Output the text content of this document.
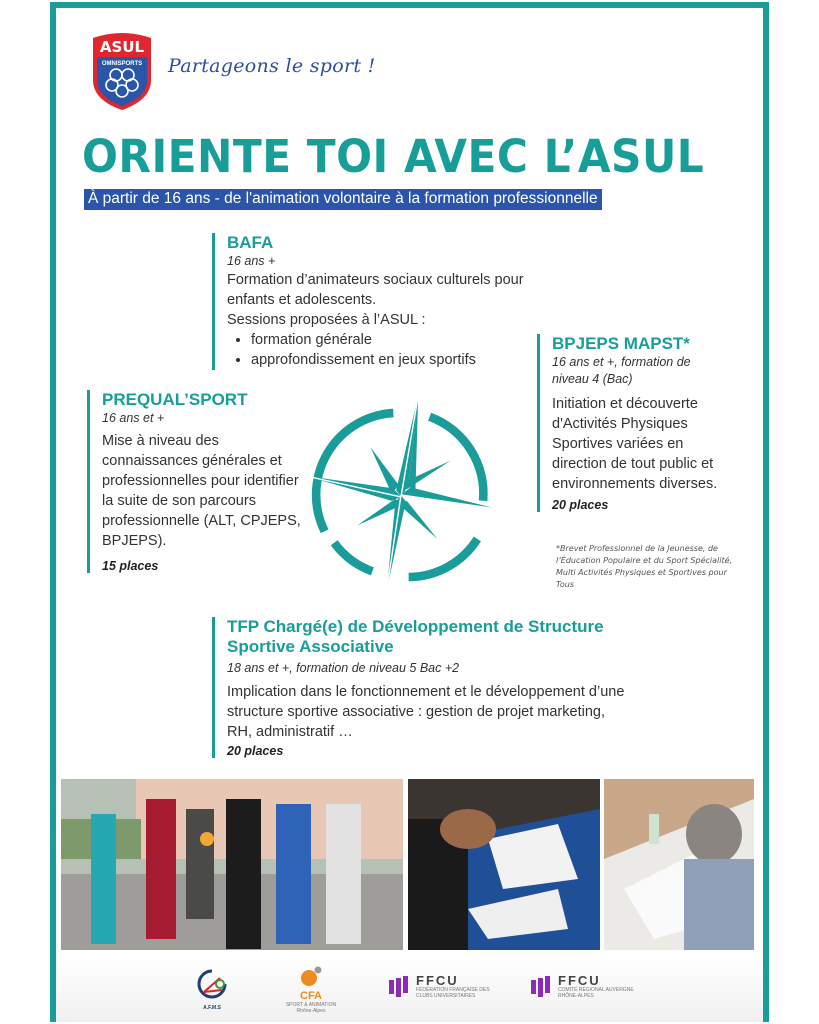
ASUL
OMNISPORTS Partageons le sport !
ORIENTE TOI AVEC L’ASUL
À partir de 16 ans - de l'animation volontaire à la formation professionnelle
BAFA
16 ans +
Formation d’animateurs sociaux culturels pour enfants et adolescents.
Sessions proposées à l’ASUL :
• formation générale
• approfondissement en jeux sportifs
PREQUAL’SPORT
16 ans et +
Mise à niveau des connaissances générales et professionnelles pour identifier la suite de son parcours professionnelle (ALT, CPJEPS, BPJEPS).
15 places
BPJEPS MAPST*
16 ans et +, formation de niveau 4 (Bac)
Initiation et découverte d'Activités Physiques Sportives variées en direction de tout public et environnements diverses.
20 places
*Brevet Professionnel de la Jeunesse, de l’Éducation Populaire et du Sport Spécialité, Multi Activités Physiques et Sportives pour Tous
TFP Chargé(e) de Développement de Structure Sportive Associative
18 ans et +, formation de niveau 5 Bac +2
Implication dans le fonctionnement et le développement d’une structure sportive associative : gestion de projet marketing, RH, administratif …
20 places
A.F.M.S
CFA
SPORT & ANIMATION Rhône-Alpes
FFCU
FÉDÉRATION FRANÇAISE DES CLUBS UNIVERSITAIRES
FFCU
COMITÉ RÉGIONAL AUVERGNE RHÔNE-ALPES
